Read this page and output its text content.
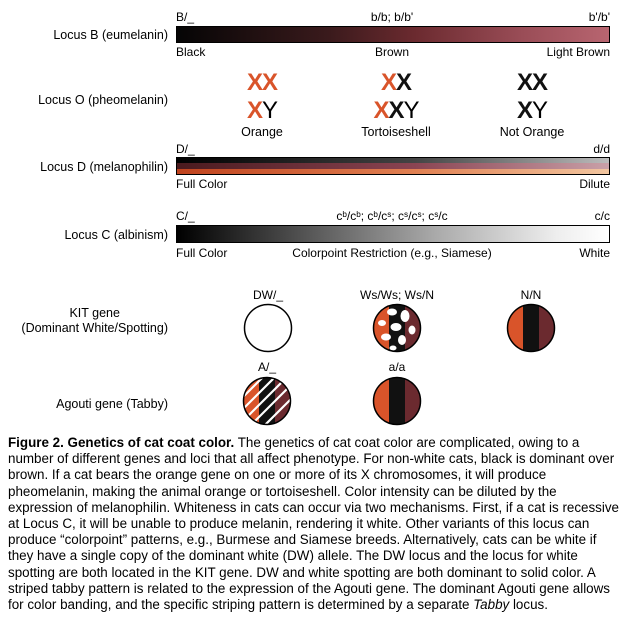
Locus B (eumelanin)
B/_	b/b; b/b'	b'/b'
Black	Brown	Light Brown
Locus O (pheomelanin)
XX
XY
Orange
XX
XXY
Tortoiseshell
XX
XY
Not Orange
Locus D (melanophilin)
D/_	d/d
Full Color	Dilute
Locus C (albinism)
C/_	cᵇ/cᵇ; cᵇ/cˢ; cˢ/cˢ; cˢ/c	c/c
Full Color	Colorpoint Restriction (e.g., Siamese)	White
KIT gene
(Dominant White/Spotting)
DW/_	Ws/Ws; Ws/N	N/N
Agouti gene (Tabby)
A/_	a/a
Figure 2. Genetics of cat coat color. The genetics of cat coat color are complicated, owing to a number of different genes and loci that all affect phenotype. For non-white cats, black is dominant over brown. If a cat bears the orange gene on one or more of its X chromosomes, it will produce pheomelanin, making the animal orange or tortoiseshell. Color intensity can be diluted by the expression of melanophilin. Whiteness in cats can occur via two mechanisms. First, if a cat is recessive at Locus C, it will be unable to produce melanin, rendering it white. Other variants of this locus can produce “colorpoint” patterns, e.g., Burmese and Siamese breeds. Alternatively, cats can be white if they have a single copy of the dominant white (DW) allele. The DW locus and the locus for white spotting are both located in the KIT gene. DW and white spotting are both dominant to solid color. A striped tabby pattern is related to the expression of the Agouti gene. The dominant Agouti gene allows for color banding, and the specific striping pattern is determined by a separate Tabby locus.
